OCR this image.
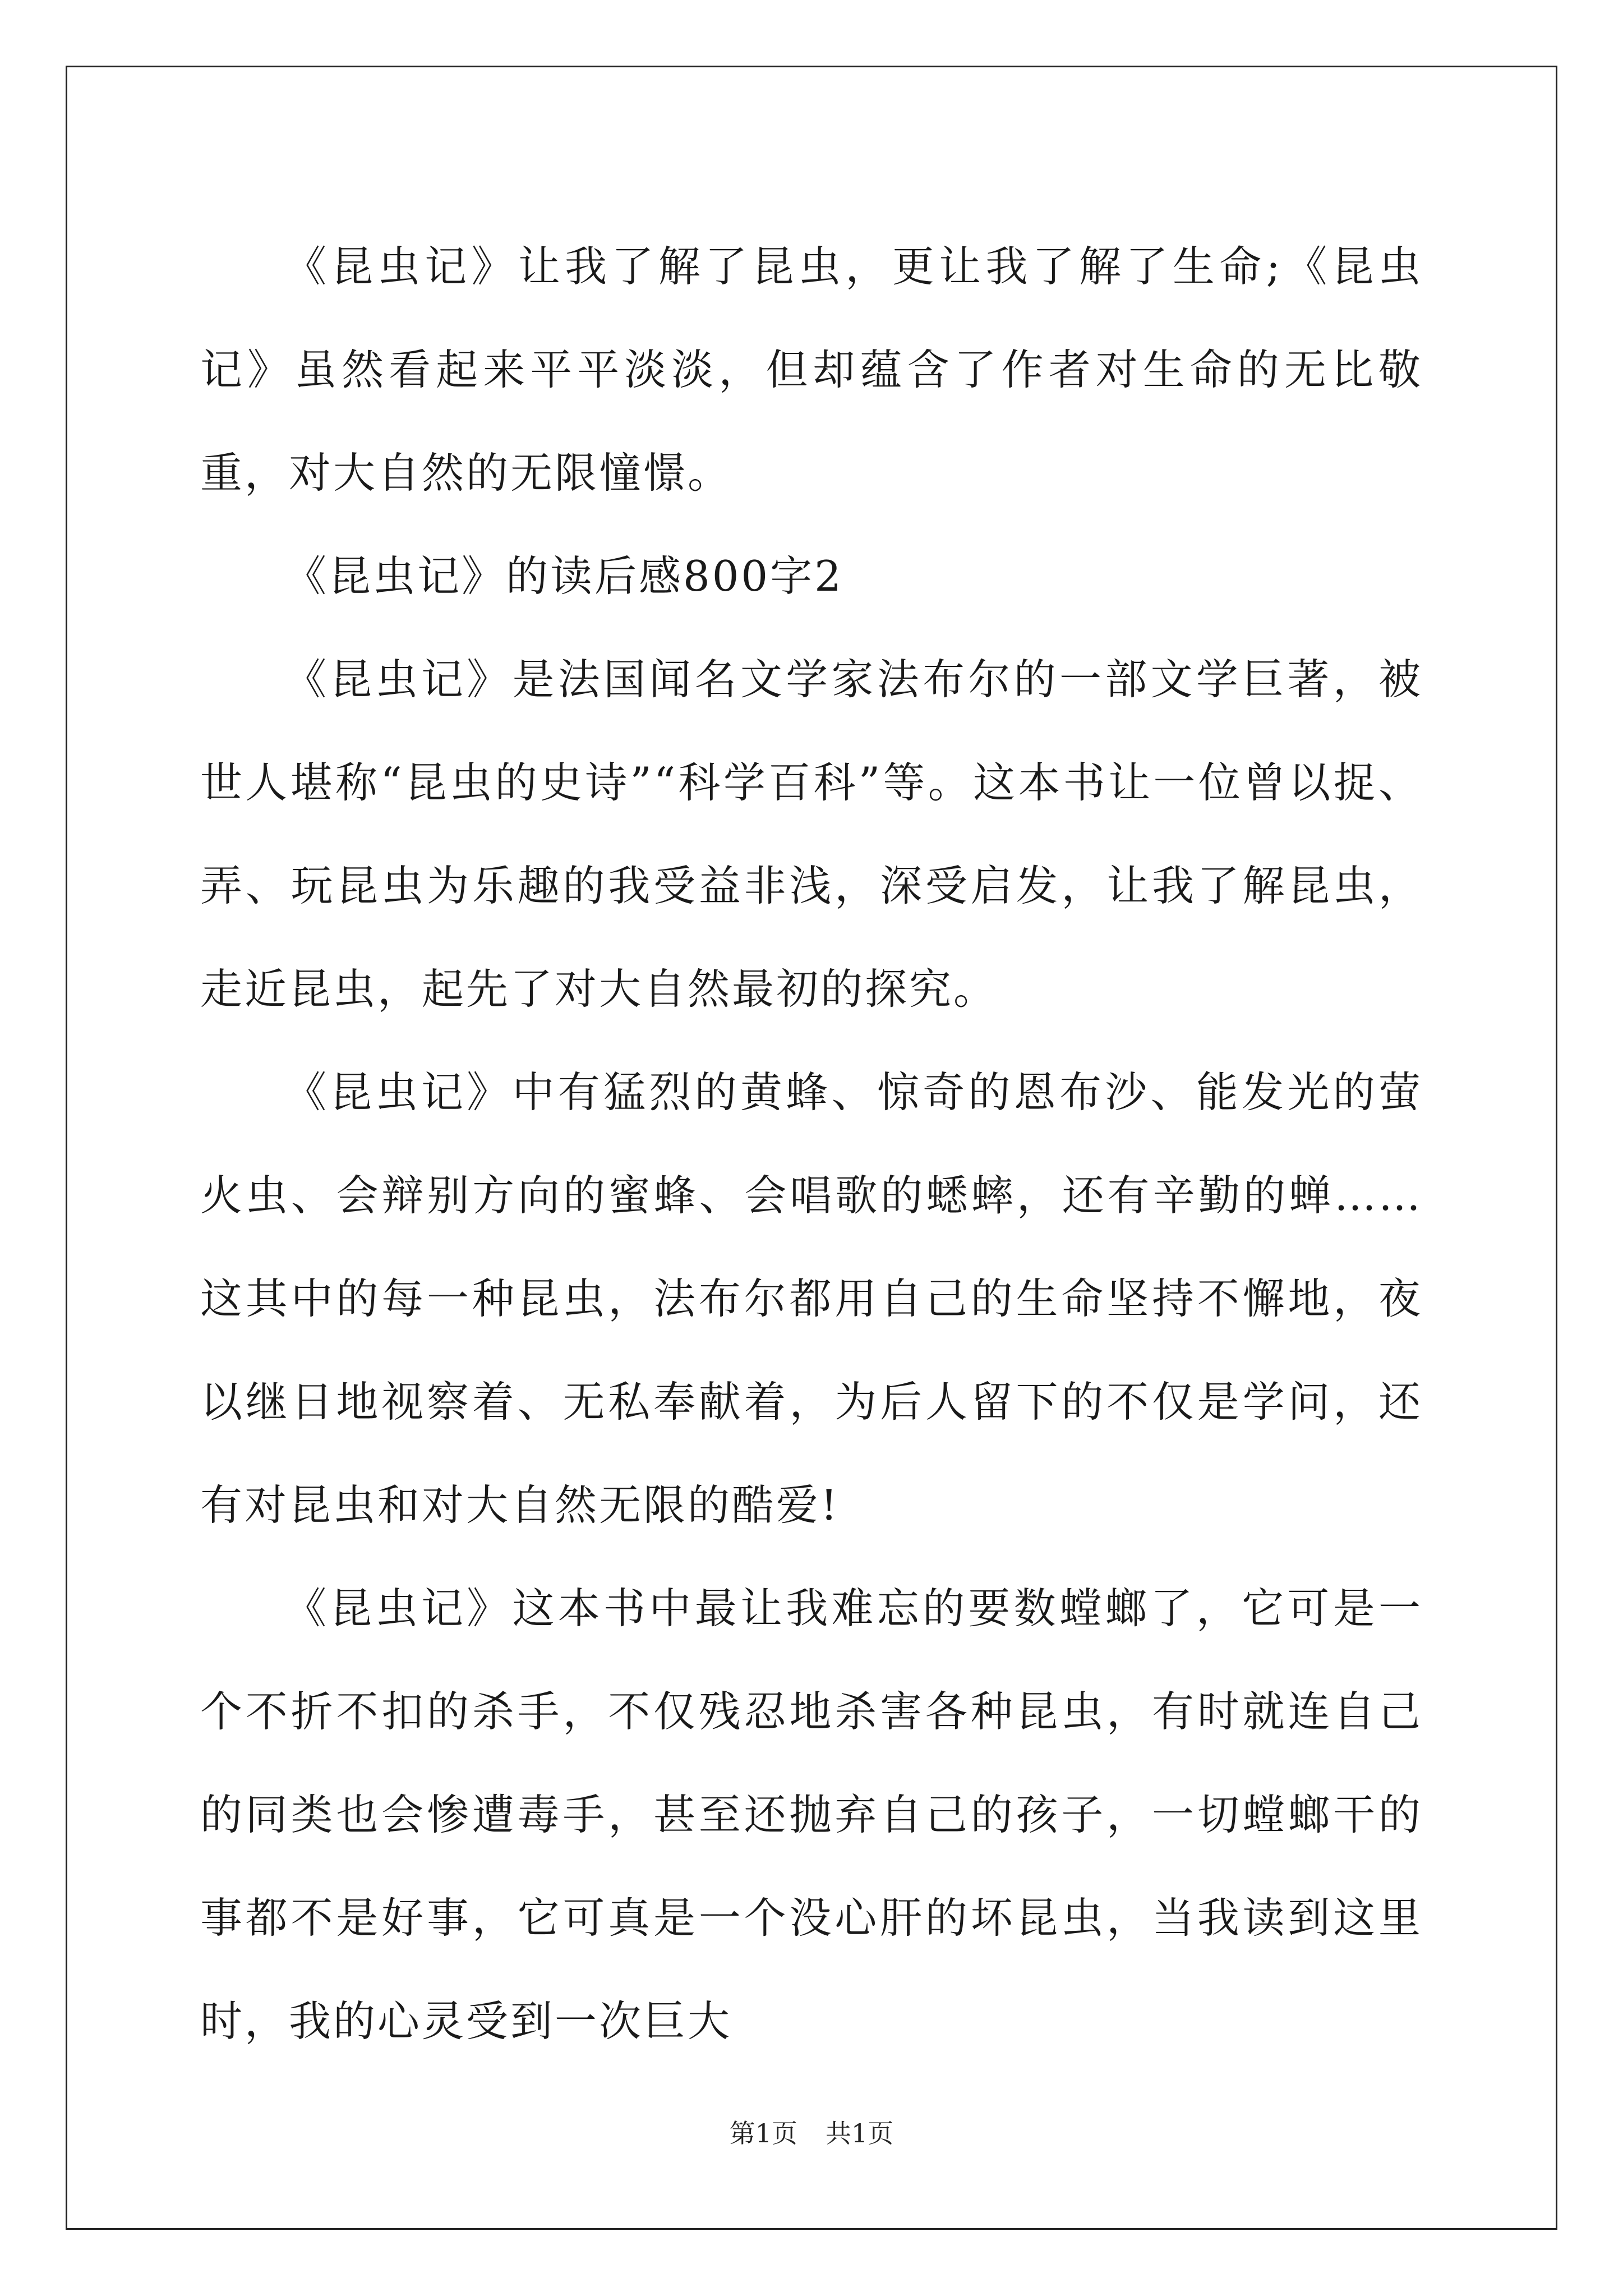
《昆虫记》让我了解了昆虫，更让我了解了生命;《昆虫记》虽然看起来平平淡淡，但却蕴含了作者对生命的无比敬重，对大自然的无限憧憬。

《昆虫记》的读后感800字2

《昆虫记》是法国闻名文学家法布尔的一部文学巨著，被世人堪称“昆虫的史诗”“科学百科”等。这本书让一位曾以捉、弄、玩昆虫为乐趣的我受益非浅，深受启发，让我了解昆虫，走近昆虫，起先了对大自然最初的探究。

《昆虫记》中有猛烈的黄蜂、惊奇的恩布沙、能发光的萤火虫、会辩别方向的蜜蜂、会唱歌的蟋蟀，还有辛勤的蝉……这其中的每一种昆虫，法布尔都用自己的生命坚持不懈地，夜以继日地视察着、无私奉献着，为后人留下的不仅是学问，还有对昆虫和对大自然无限的酷爱!

《昆虫记》这本书中最让我难忘的要数螳螂了，它可是一个不折不扣的杀手，不仅残忍地杀害各种昆虫，有时就连自己的同类也会惨遭毒手，甚至还抛弃自己的孩子，一切螳螂干的事都不是好事，它可真是一个没心肝的坏昆虫，当我读到这里时，我的心灵受到一次巨大

第1页 共1页
